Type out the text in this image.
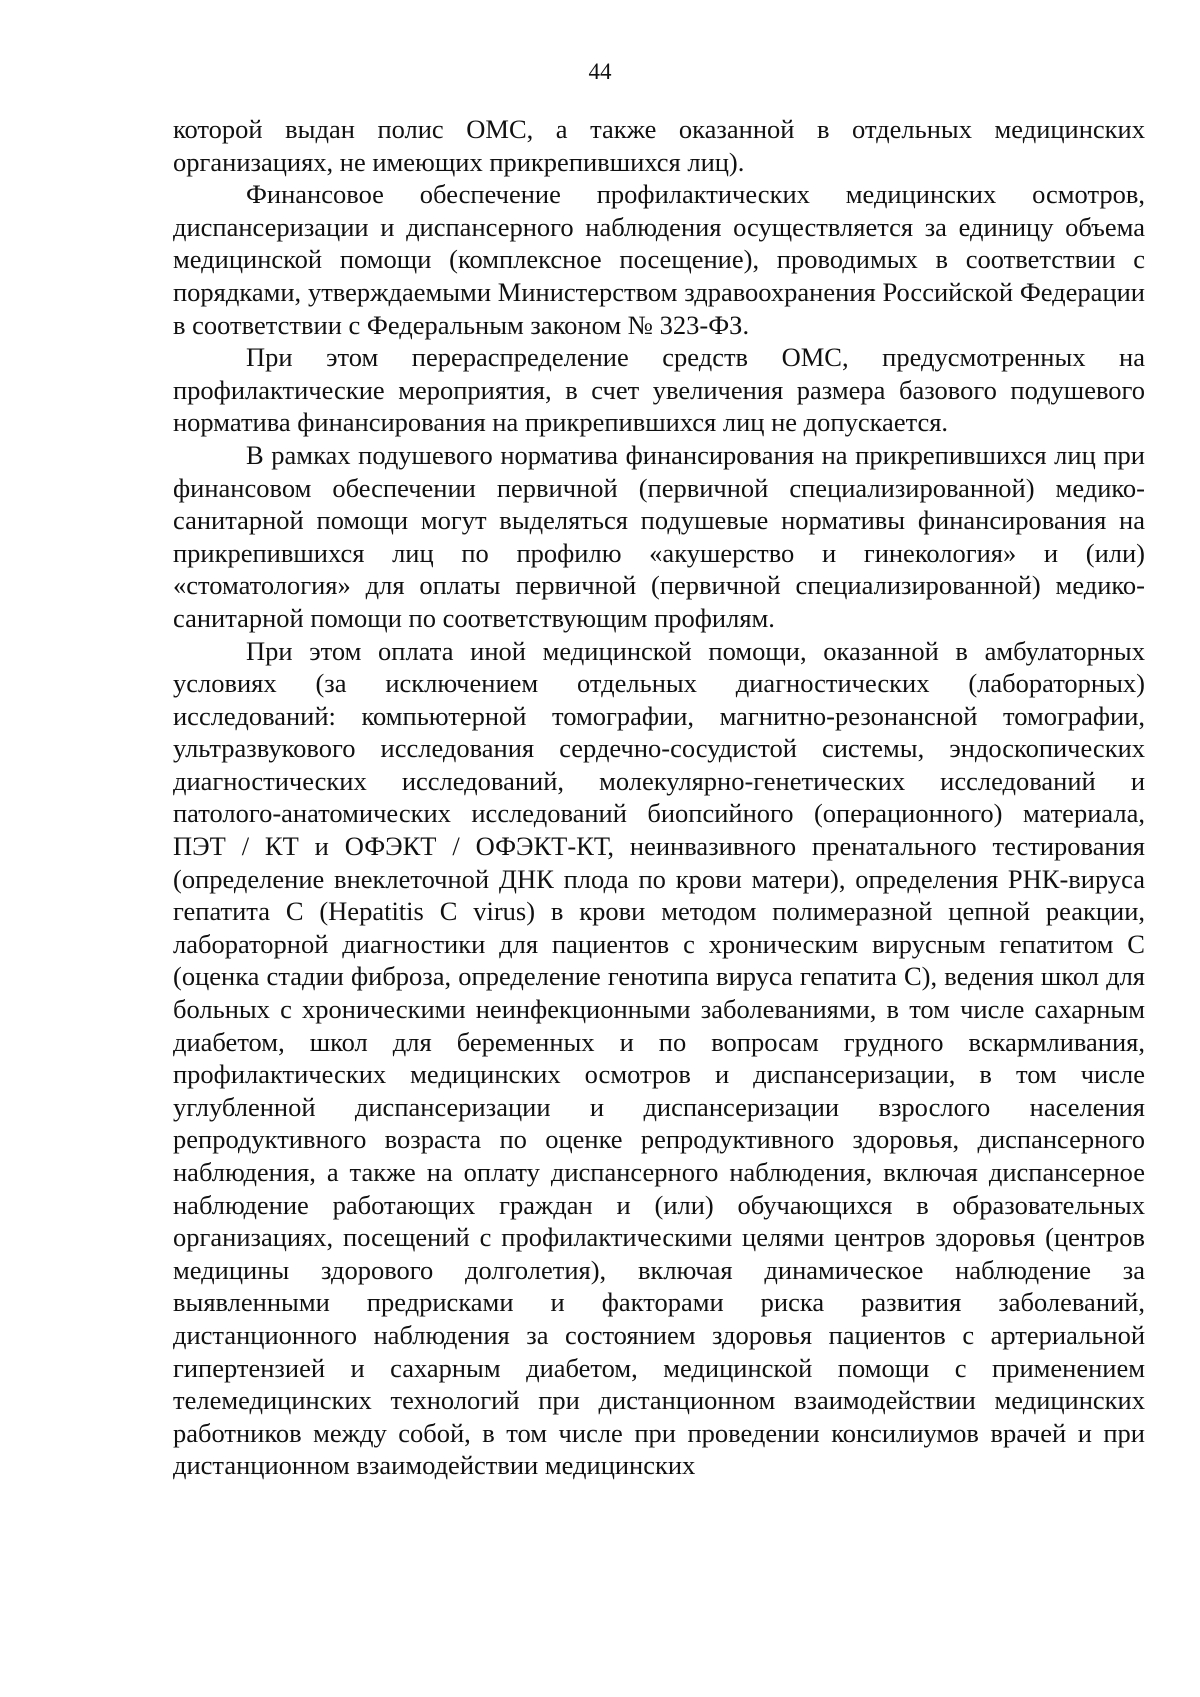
44

которой выдан полис ОМС, а также оказанной в отдельных медицинских организациях, не имеющих прикрепившихся лиц).

Финансовое обеспечение профилактических медицинских осмотров, диспансеризации и диспансерного наблюдения осуществляется за единицу объема медицинской помощи (комплексное посещение), проводимых в соответствии с порядками, утверждаемыми Министерством здравоохранения Российской Федерации в соответствии с Федеральным законом № 323-ФЗ.

При этом перераспределение средств ОМС, предусмотренных на профилактические мероприятия, в счет увеличения размера базового подушевого норматива финансирования на прикрепившихся лиц не допускается.

В рамках подушевого норматива финансирования на прикрепившихся лиц при финансовом обеспечении первичной (первичной специализированной) медико-санитарной помощи могут выделяться подушевые нормативы финансирования на прикрепившихся лиц по профилю «акушерство и гинекология» и (или) «стоматология» для оплаты первичной (первичной специализированной) медико-санитарной помощи по соответствующим профилям.

При этом оплата иной медицинской помощи, оказанной в амбулаторных условиях (за исключением отдельных диагностических (лабораторных) исследований: компьютерной томографии, магнитно-резонансной томографии, ультразвукового исследования сердечно-сосудистой системы, эндоскопических диагностических исследований, молекулярно-генетических исследований и патолого-анатомических исследований биопсийного (операционного) материала, ПЭТ / КТ и ОФЭКТ / ОФЭКТ-КТ, неинвазивного пренатального тестирования (определение внеклеточной ДНК плода по крови матери), определения РНК-вируса гепатита С (Hepatitis C virus) в крови методом полимеразной цепной реакции, лабораторной диагностики для пациентов с хроническим вирусным гепатитом С (оценка стадии фиброза, определение генотипа вируса гепатита С), ведения школ для больных с хроническими неинфекционными заболеваниями, в том числе сахарным диабетом, школ для беременных и по вопросам грудного вскармливания, профилактических медицинских осмотров и диспансеризации, в том числе углубленной диспансеризации и диспансеризации взрослого населения репродуктивного возраста по оценке репродуктивного здоровья, диспансерного наблюдения, а также на оплату диспансерного наблюдения, включая диспансерное наблюдение работающих граждан и (или) обучающихся в образовательных организациях, посещений с профилактическими целями центров здоровья (центров медицины здорового долголетия), включая динамическое наблюдение за выявленными предрисками и факторами риска развития заболеваний, дистанционного наблюдения за состоянием здоровья пациентов с артериальной гипертензией и сахарным диабетом, медицинской помощи с применением телемедицинских технологий при дистанционном взаимодействии медицинских работников между собой, в том числе при проведении консилиумов врачей и при дистанционном взаимодействии медицинских
